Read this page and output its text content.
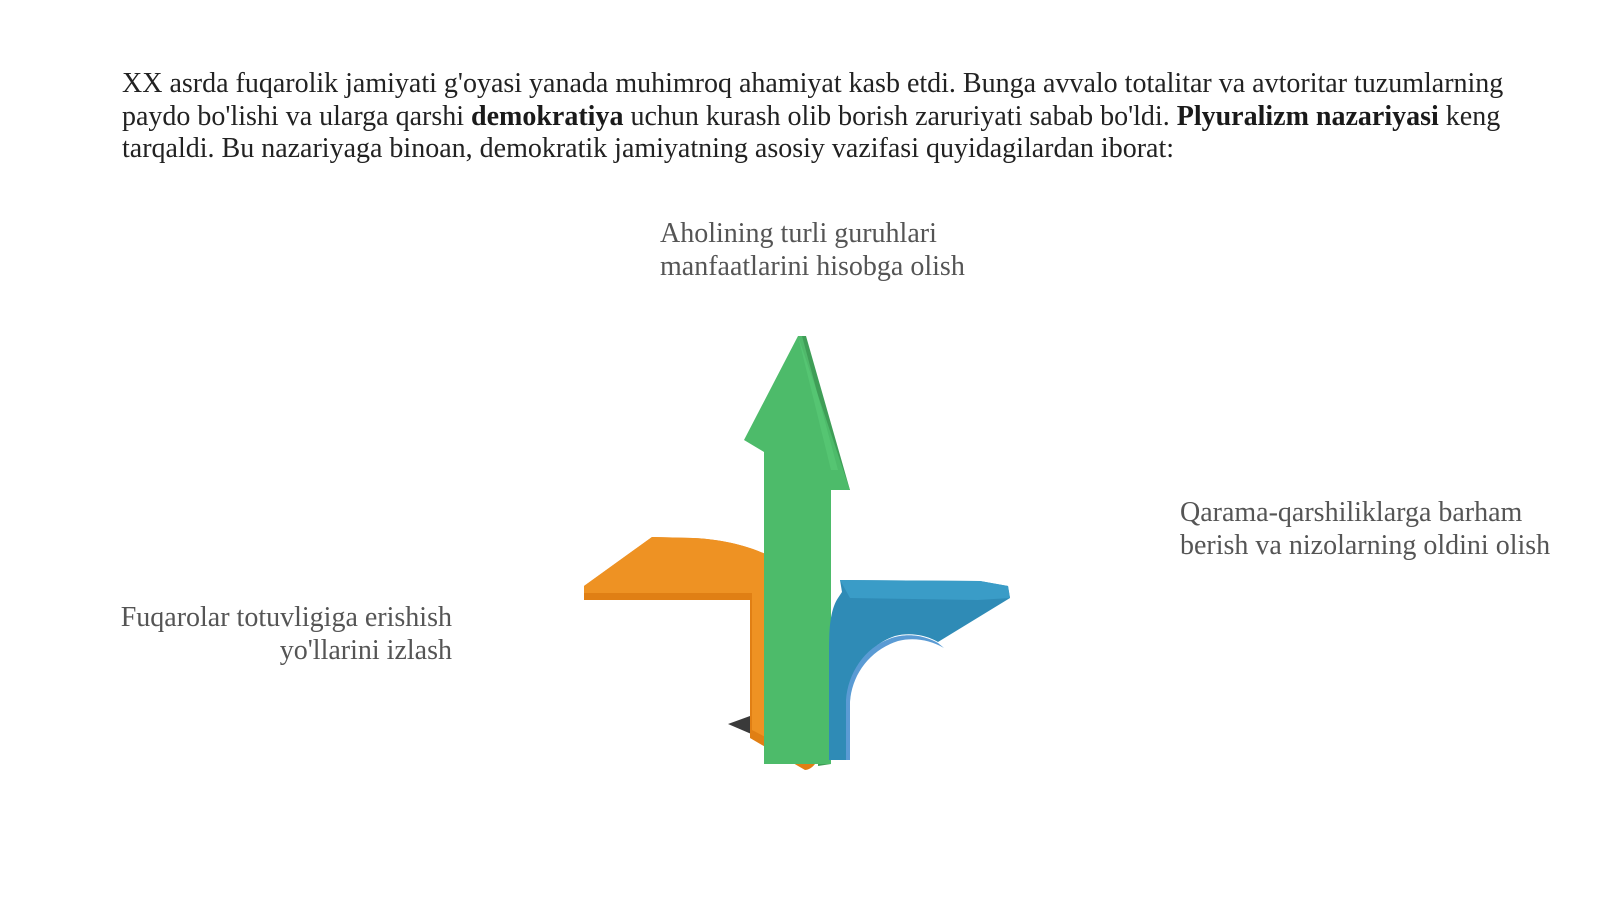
XX asrda fuqarolik jamiyati g'oyasi yanada muhimroq ahamiyat kasb etdi. Bunga avvalo totalitar va avtoritar tuzumlarning paydo bo'lishi va ularga qarshi demokratiya uchun kurash olib borish zaruriyati sabab bo'ldi. Plyuralizm nazariyasi keng tarqaldi. Bu nazariyaga binoan, demokratik jamiyatning asosiy vazifasi quyidagilardan iborat:

Aholining turli guruhlari
manfaatlarini hisobga olish
Qarama-qarshiliklarga barham
berish va nizolarning oldini olish
Fuqarolar totuvligiga erishish
yo'llarini izlash
